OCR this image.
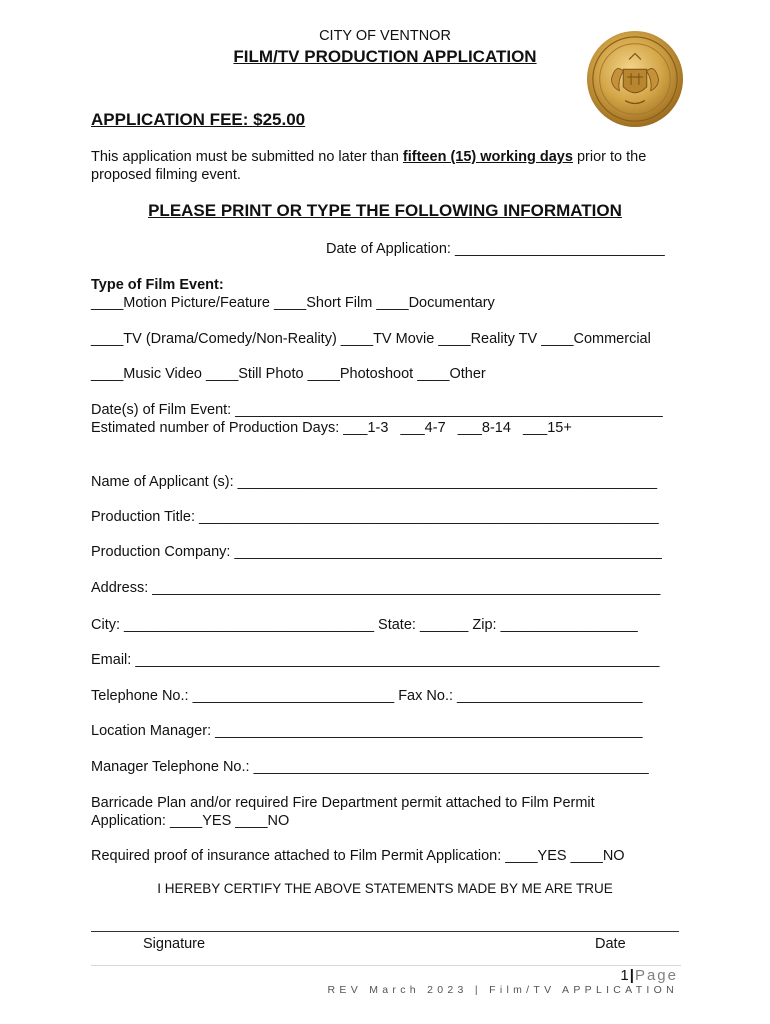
CITY OF VENTNOR
FILM/TV PRODUCTION APPLICATION
APPLICATION FEE: $25.00
This application must be submitted no later than fifteen (15) working days prior to the
proposed filming event.
PLEASE PRINT OR TYPE THE FOLLOWING INFORMATION
Date of Application: __________________________
Type of Film Event:
____Motion Picture/Feature ____Short Film ____Documentary
____TV (Drama/Comedy/Non-Reality) ____TV Movie ____Reality TV ____Commercial
____Music Video ____Still Photo ____Photoshoot ____Other
Date(s) of Film Event: _____________________________________________________
Estimated number of Production Days: ___1-3   ___4-7   ___8-14   ___15+
Name of Applicant (s): ____________________________________________________
Production Title: _________________________________________________________
Production Company: _____________________________________________________
Address: _______________________________________________________________
City: _______________________________ State: ______ Zip: _________________
Email: _________________________________________________________________
Telephone No.: _________________________ Fax No.: _______________________
Location Manager: _____________________________________________________
Manager Telephone No.: _________________________________________________
Barricade Plan and/or required Fire Department permit attached to Film Permit
Application: ____YES ____NO
Required proof of insurance attached to Film Permit Application: ____YES ____NO
I HEREBY CERTIFY THE ABOVE STATEMENTS MADE BY ME ARE TRUE
Signature	Date
1|Page
REV March 2023 | Film/TV APPLICATION
